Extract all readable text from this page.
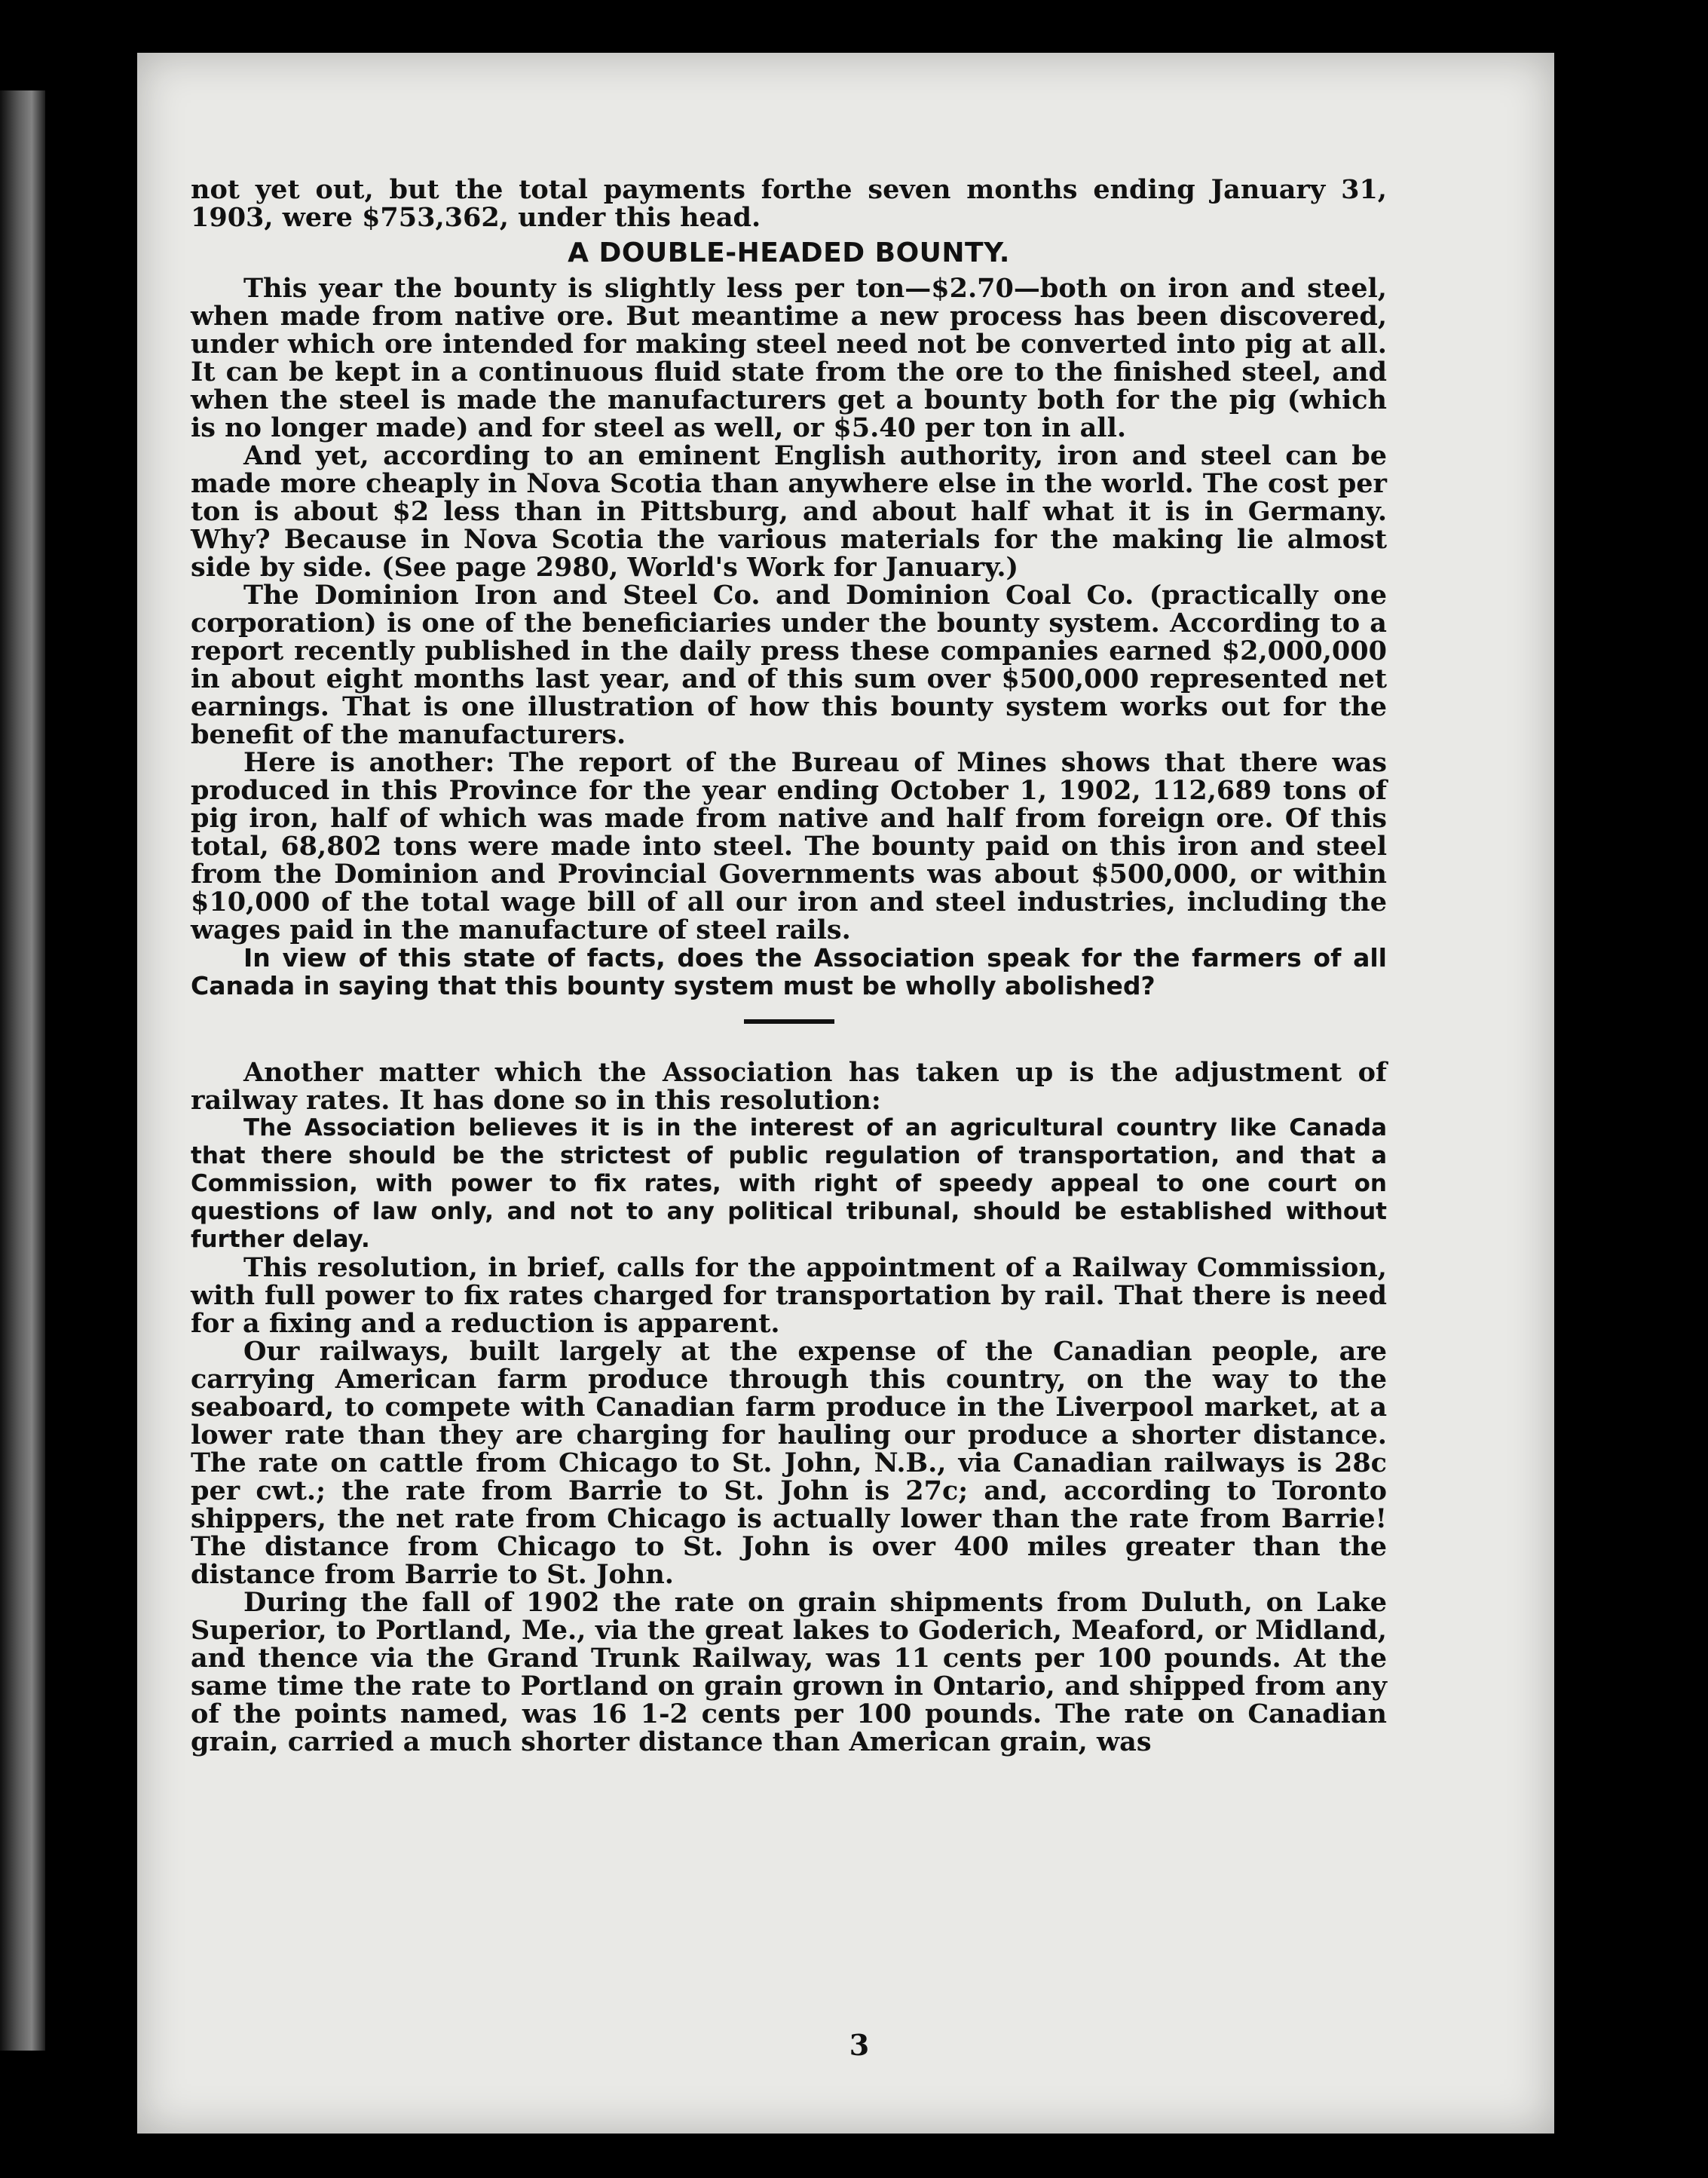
not yet out, but the total payments forthe seven months ending January 31, 1903, were $753,362, under this head.

A DOUBLE-HEADED BOUNTY.

This year the bounty is slightly less per ton—$2.70—both on iron and steel, when made from native ore. But meantime a new process has been discovered, under which ore intended for making steel need not be converted into pig at all. It can be kept in a continuous fluid state from the ore to the finished steel, and when the steel is made the manufacturers get a bounty both for the pig (which is no longer made) and for steel as well, or $5.40 per ton in all.

And yet, according to an eminent English authority, iron and steel can be made more cheaply in Nova Scotia than anywhere else in the world. The cost per ton is about $2 less than in Pittsburg, and about half what it is in Germany. Why? Because in Nova Scotia the various materials for the making lie almost side by side. (See page 2980, World's Work for January.)

The Dominion Iron and Steel Co. and Dominion Coal Co. (practically one corporation) is one of the beneficiaries under the bounty system. According to a report recently published in the daily press these companies earned $2,000,000 in about eight months last year, and of this sum over $500,000 represented net earnings. That is one illustration of how this bounty system works out for the benefit of the manufacturers.

Here is another: The report of the Bureau of Mines shows that there was produced in this Province for the year ending October 1, 1902, 112,689 tons of pig iron, half of which was made from native and half from foreign ore. Of this total, 68,802 tons were made into steel. The bounty paid on this iron and steel from the Dominion and Provincial Governments was about $500,000, or within $10,000 of the total wage bill of all our iron and steel industries, including the wages paid in the manufacture of steel rails.

In view of this state of facts, does the Association speak for the farmers of all Canada in saying that this bounty system must be wholly abolished?

Another matter which the Association has taken up is the adjustment of railway rates. It has done so in this resolution:

The Association believes it is in the interest of an agricultural country like Canada that there should be the strictest of public regulation of transportation, and that a Commission, with power to fix rates, with right of speedy appeal to one court on questions of law only, and not to any political tribunal, should be established without further delay.

This resolution, in brief, calls for the appointment of a Railway Commission, with full power to fix rates charged for transportation by rail. That there is need for a fixing and a reduction is apparent.

Our railways, built largely at the expense of the Canadian people, are carrying American farm produce through this country, on the way to the seaboard, to compete with Canadian farm produce in the Liverpool market, at a lower rate than they are charging for hauling our produce a shorter distance. The rate on cattle from Chicago to St. John, N.B., via Canadian railways is 28c per cwt.; the rate from Barrie to St. John is 27c; and, according to Toronto shippers, the net rate from Chicago is actually lower than the rate from Barrie! The distance from Chicago to St. John is over 400 miles greater than the distance from Barrie to St. John.

During the fall of 1902 the rate on grain shipments from Duluth, on Lake Superior, to Portland, Me., via the great lakes to Goderich, Meaford, or Midland, and thence via the Grand Trunk Railway, was 11 cents per 100 pounds. At the same time the rate to Portland on grain grown in Ontario, and shipped from any of the points named, was 16 1-2 cents per 100 pounds. The rate on Canadian grain, carried a much shorter distance than American grain, was

3
